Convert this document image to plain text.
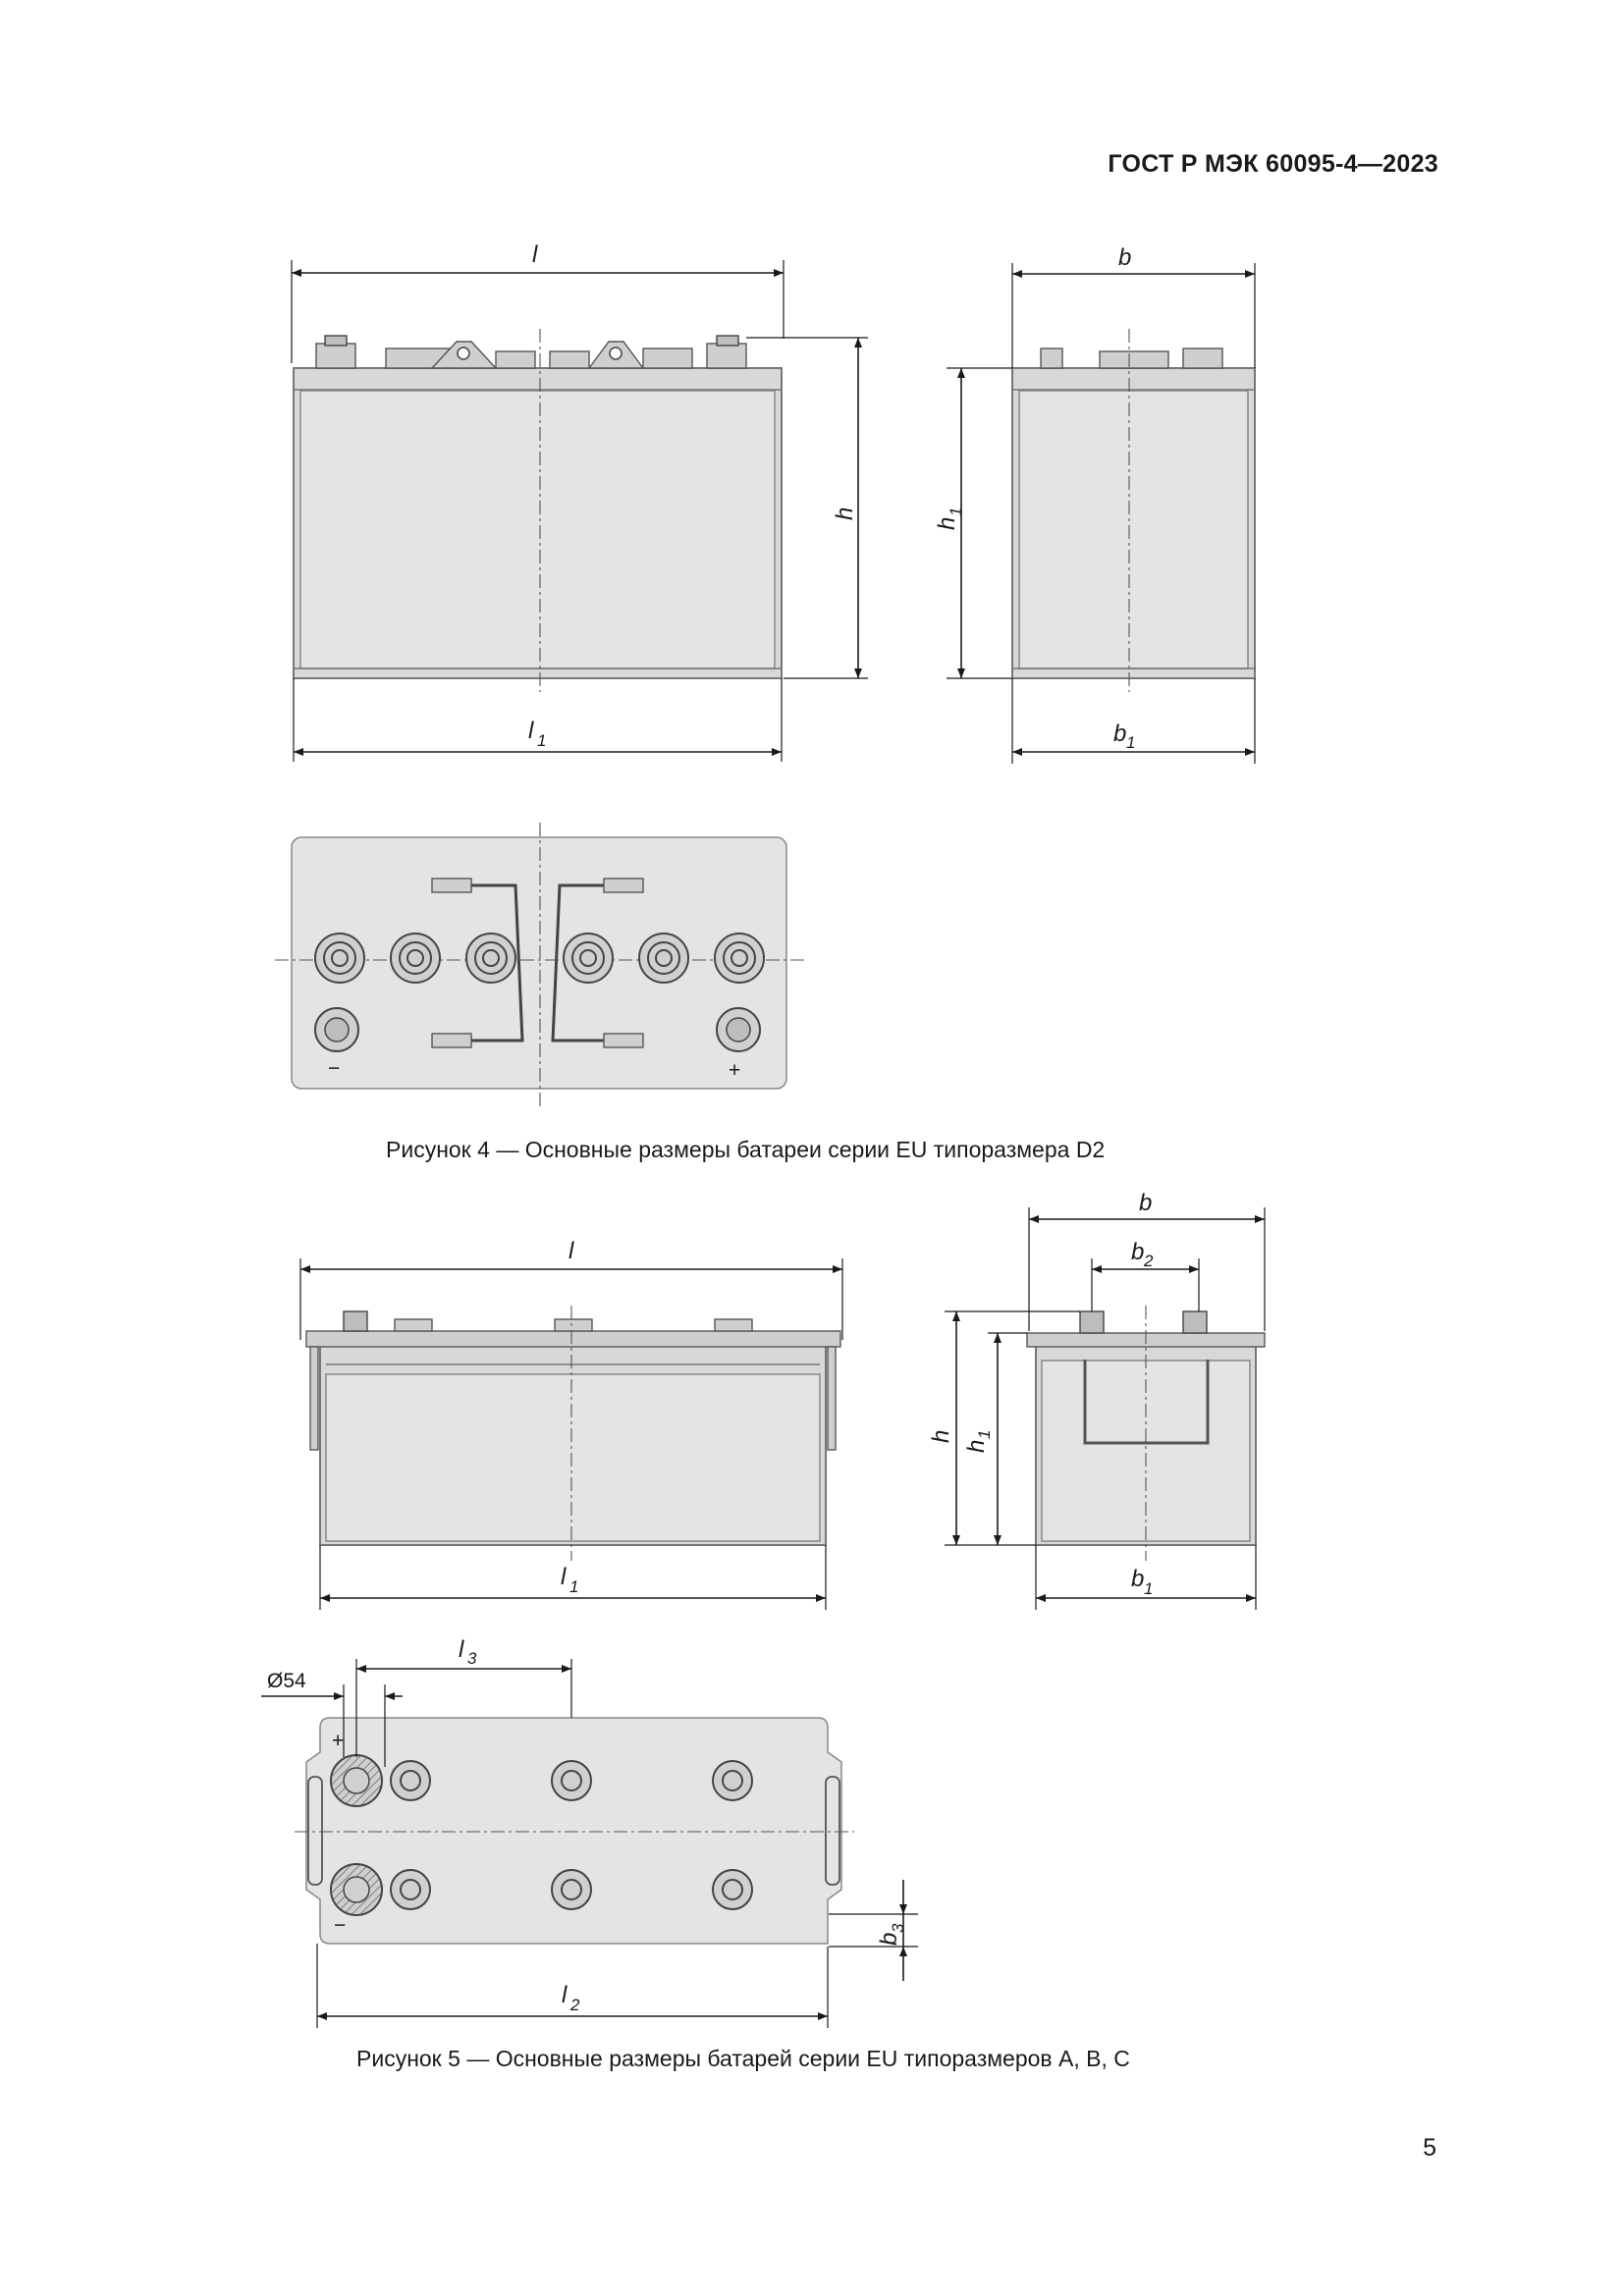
ГОСТ Р МЭК 60095-4—2023
l
h
l 1
b
h
1
b 1
−	+
l
l 1
b
b 2
h
h
1
b 1
+
−
Ø54
l 3
b
3
l 2
Рисунок 4 — Основные размеры батареи серии EU типоразмера D2
Рисунок 5 — Основные размеры батарей серии EU типоразмеров A, B, C
5
